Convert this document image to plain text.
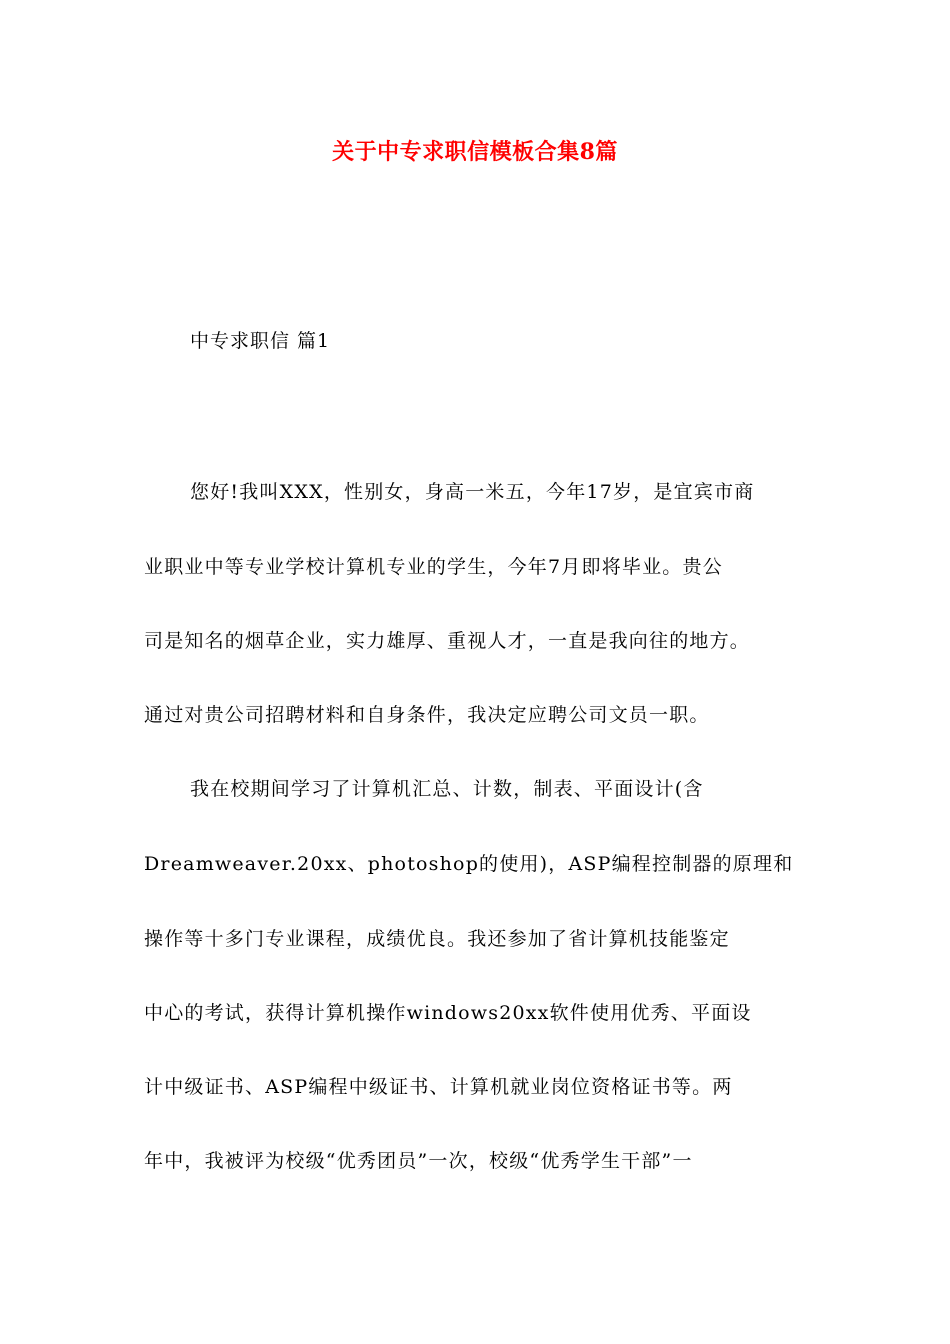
关于中专求职信模板合集8篇
中专求职信 篇1
您好!我叫XXX，性别女，身高一米五，今年17岁，是宜宾市商
业职业中等专业学校计算机专业的学生，今年7月即将毕业。贵公
司是知名的烟草企业，实力雄厚、重视人才，一直是我向往的地方。
通过对贵公司招聘材料和自身条件，我决定应聘公司文员一职。
我在校期间学习了计算机汇总、计数，制表、平面设计(含
Dreamweaver.20xx、photoshop的使用)，ASP编程控制器的原理和
操作等十多门专业课程，成绩优良。我还参加了省计算机技能鉴定
中心的考试，获得计算机操作windows20xx软件使用优秀、平面设
计中级证书、ASP编程中级证书、计算机就业岗位资格证书等。两
年中，我被评为校级“优秀团员”一次，校级“优秀学生干部”一
